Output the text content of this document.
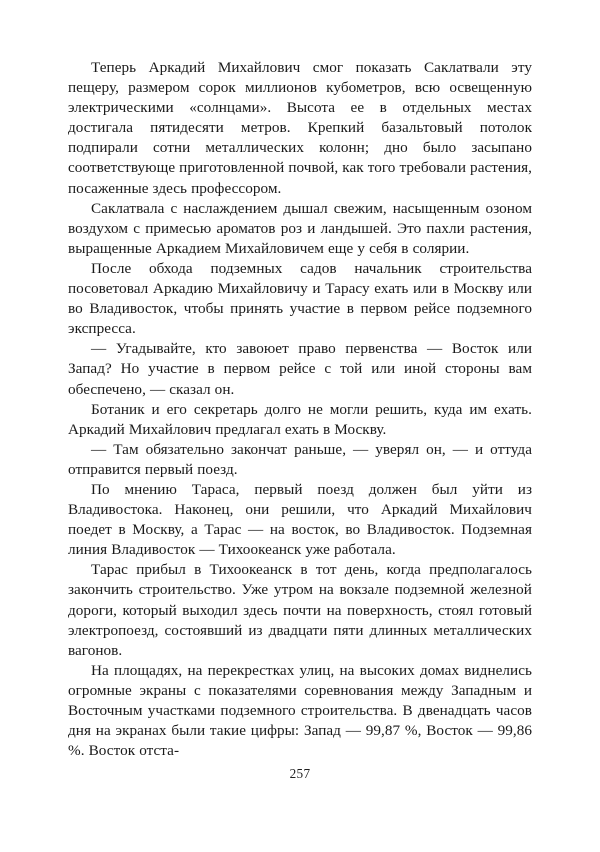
Теперь Аркадий Михайлович смог показать Саклатвали эту пещеру, размером сорок миллионов кубометров, всю освещенную электрическими «солнцами». Высота ее в отдельных местах достигала пятидесяти метров. Крепкий базальтовый потолок подпирали сотни металлических колонн; дно было засыпано соответствующе приготовленной почвой, как того требовали растения, посаженные здесь профессором.

Саклатвала с наслаждением дышал свежим, насыщенным озоном воздухом с примесью ароматов роз и ландышей. Это пахли растения, выращенные Аркадием Михайловичем еще у себя в солярии.

После обхода подземных садов начальник строительства посоветовал Аркадию Михайловичу и Тарасу ехать или в Москву или во Владивосток, чтобы принять участие в первом рейсе подземного экспресса.

— Угадывайте, кто завоюет право первенства — Восток или Запад? Но участие в первом рейсе с той или иной стороны вам обеспечено, — сказал он.

Ботаник и его секретарь долго не могли решить, куда им ехать. Аркадий Михайлович предлагал ехать в Москву.

— Там обязательно закончат раньше, — уверял он, — и оттуда отправится первый поезд.

По мнению Тараса, первый поезд должен был уйти из Владивостока. Наконец, они решили, что Аркадий Михайлович поедет в Москву, а Тарас — на восток, во Владивосток. Подземная линия Владивосток — Тихоокеанск уже работала.

Тарас прибыл в Тихоокеанск в тот день, когда предполагалось закончить строительство. Уже утром на вокзале подземной железной дороги, который выходил здесь почти на поверхность, стоял готовый электропоезд, состоявший из двадцати пяти длинных металлических вагонов.

На площадях, на перекрестках улиц, на высоких домах виднелись огромные экраны с показателями соревнования между Западным и Восточным участками подземного строительства. В двенадцать часов дня на экранах были такие цифры: Запад — 99,87 %, Восток — 99,86 %. Восток отста-

257
